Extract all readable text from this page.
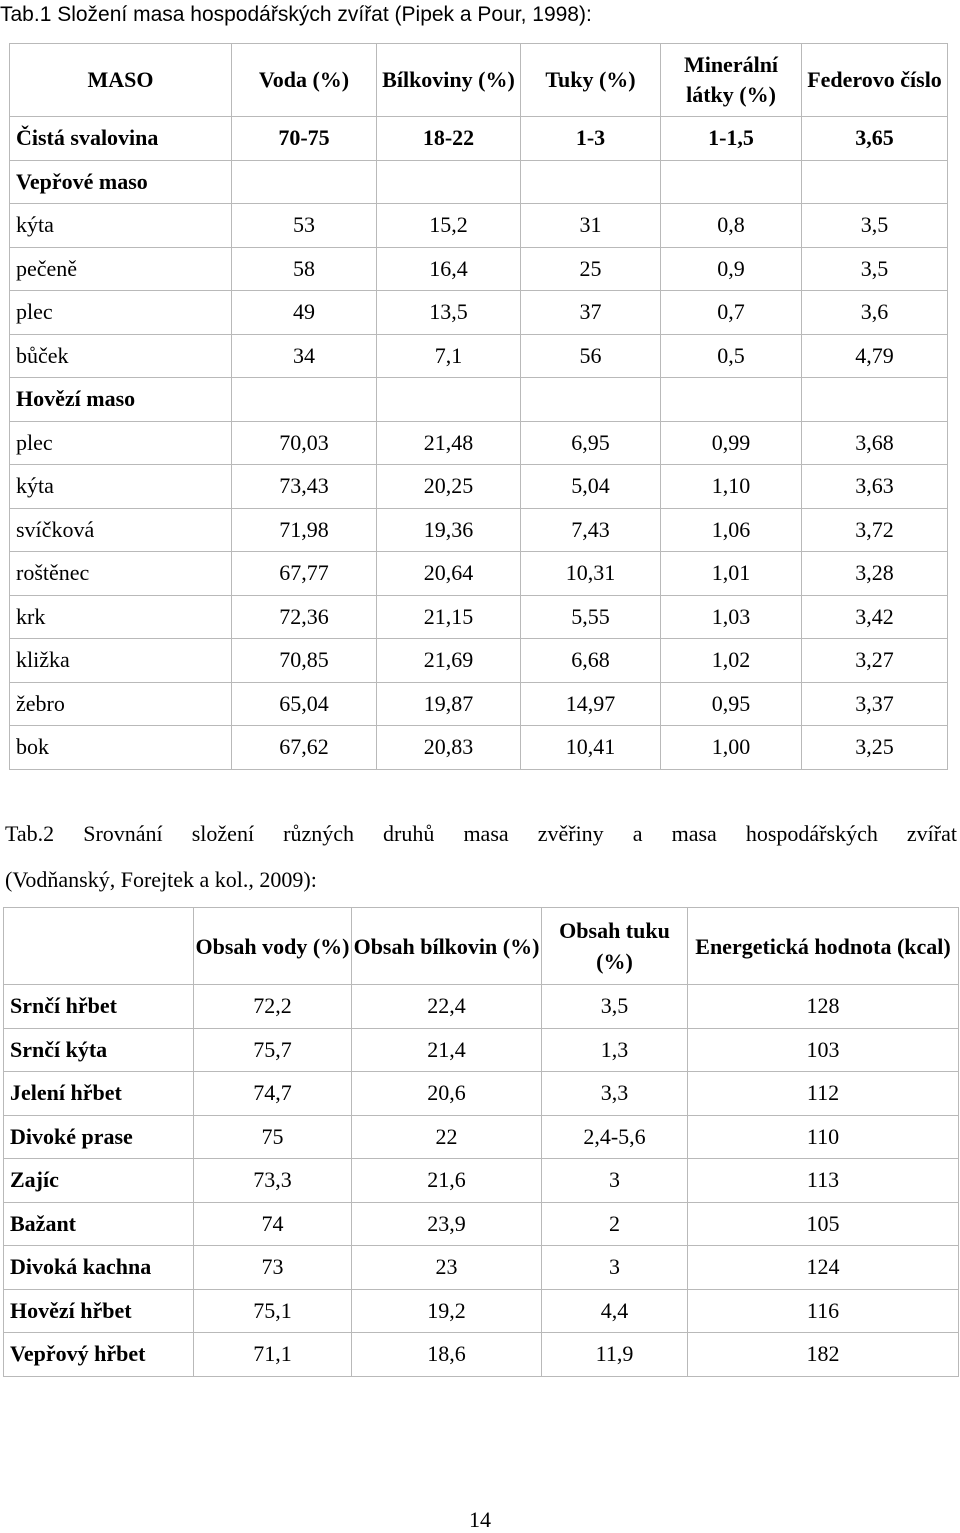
Tab.1 Složení masa hospodářských zvířat (Pipek a Pour, 1998):
MASO	Voda (%)	Bílkoviny (%)	Tuky (%)	Minerální látky (%)	Federovo číslo
Čistá svalovina	70-75	18-22	1-3	1-1,5	3,65
Vepřové maso					
kýta	53	15,2	31	0,8	3,5
pečeně	58	16,4	25	0,9	3,5
plec	49	13,5	37	0,7	3,6
bůček	34	7,1	56	0,5	4,79
Hovězí maso					
plec	70,03	21,48	6,95	0,99	3,68
kýta	73,43	20,25	5,04	1,10	3,63
svíčková	71,98	19,36	7,43	1,06	3,72
roštěnec	67,77	20,64	10,31	1,01	3,28
krk	72,36	21,15	5,55	1,03	3,42
kližka	70,85	21,69	6,68	1,02	3,27
žebro	65,04	19,87	14,97	0,95	3,37
bok	67,62	20,83	10,41	1,00	3,25
Tab.2 Srovnání složení různých druhů masa zvěřiny a masa hospodářských zvířat
(Vodňanský, Forejtek a kol., 2009):
	Obsah vody (%)	Obsah bílkovin (%)	Obsah tuku (%)	Energetická hodnota (kcal)
Srnčí hřbet	72,2	22,4	3,5	128
Srnčí kýta	75,7	21,4	1,3	103
Jelení hřbet	74,7	20,6	3,3	112
Divoké prase	75	22	2,4-5,6	110
Zajíc	73,3	21,6	3	113
Bažant	74	23,9	2	105
Divoká kachna	73	23	3	124
Hovězí hřbet	75,1	19,2	4,4	116
Vepřový hřbet	71,1	18,6	11,9	182
14
